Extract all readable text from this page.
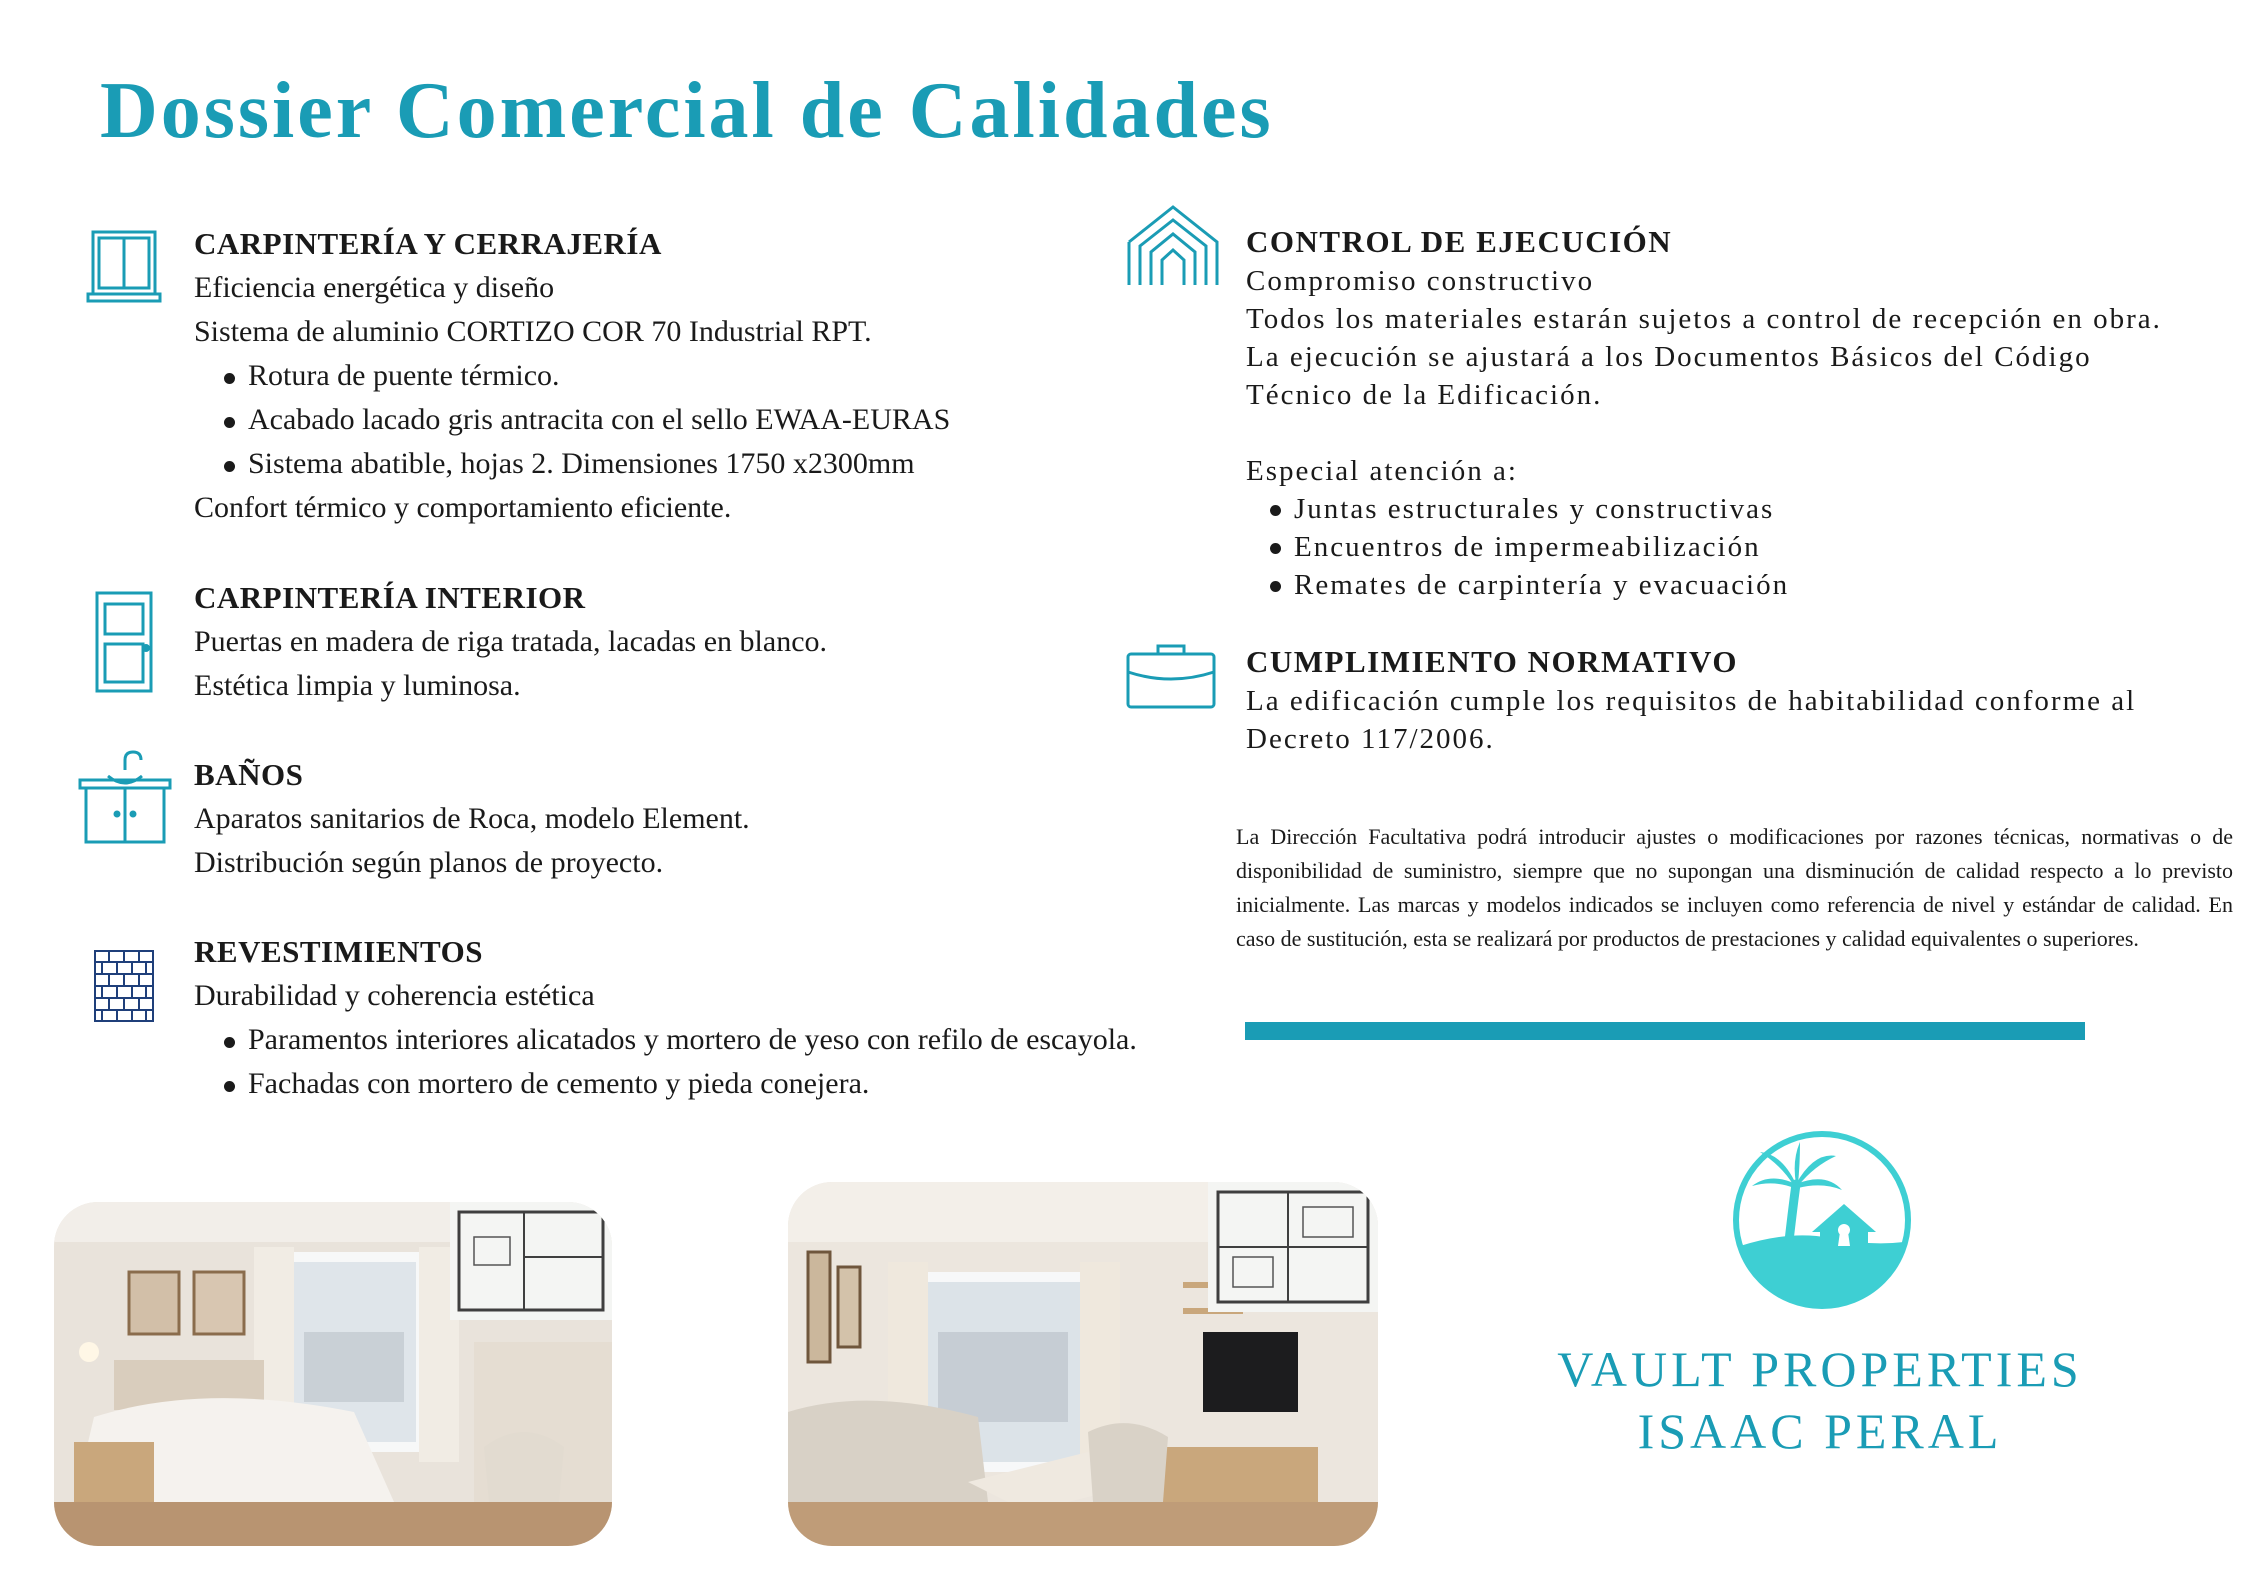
Dossier Comercial de Calidades
CARPINTERÍA Y CERRAJERÍA
Eficiencia energética y diseño
Sistema de aluminio CORTIZO COR 70 Industrial RPT.
Rotura de puente térmico.
Acabado lacado gris antracita con el sello EWAA-EURAS
Sistema abatible, hojas 2. Dimensiones 1750 x2300mm
Confort térmico y comportamiento eficiente.
CARPINTERÍA INTERIOR
Puertas en madera de riga tratada, lacadas en blanco.
Estética limpia y luminosa.
BAÑOS
Aparatos sanitarios de Roca, modelo Element.
Distribución según planos de proyecto.
REVESTIMIENTOS
Durabilidad y coherencia estética
Paramentos interiores alicatados y mortero de yeso con refilo de escayola.
Fachadas con mortero de cemento y pieda conejera.
CONTROL DE EJECUCIÓN
Compromiso constructivo
Todos los materiales estarán sujetos a control de recepción en obra.
La ejecución se ajustará a los Documentos Básicos del Código
Técnico de la Edificación.
Especial atención a:
Juntas estructurales y constructivas
Encuentros de impermeabilización
Remates de carpintería y evacuación
CUMPLIMIENTO NORMATIVO
La edificación cumple los requisitos de habitabilidad conforme al
Decreto 117/2006.

La Dirección Facultativa podrá introducir ajustes o modificaciones por razones técnicas, normativas o de disponibilidad de suministro, siempre que no supongan una disminución de calidad respecto a lo previsto inicialmente. Las marcas y modelos indicados se incluyen como referencia de nivel y estándar de calidad. En caso de sustitución, esta se realizará por productos de prestaciones y calidad equivalentes o superiores.

VAULT PROPERTIES
ISAAC PERAL
